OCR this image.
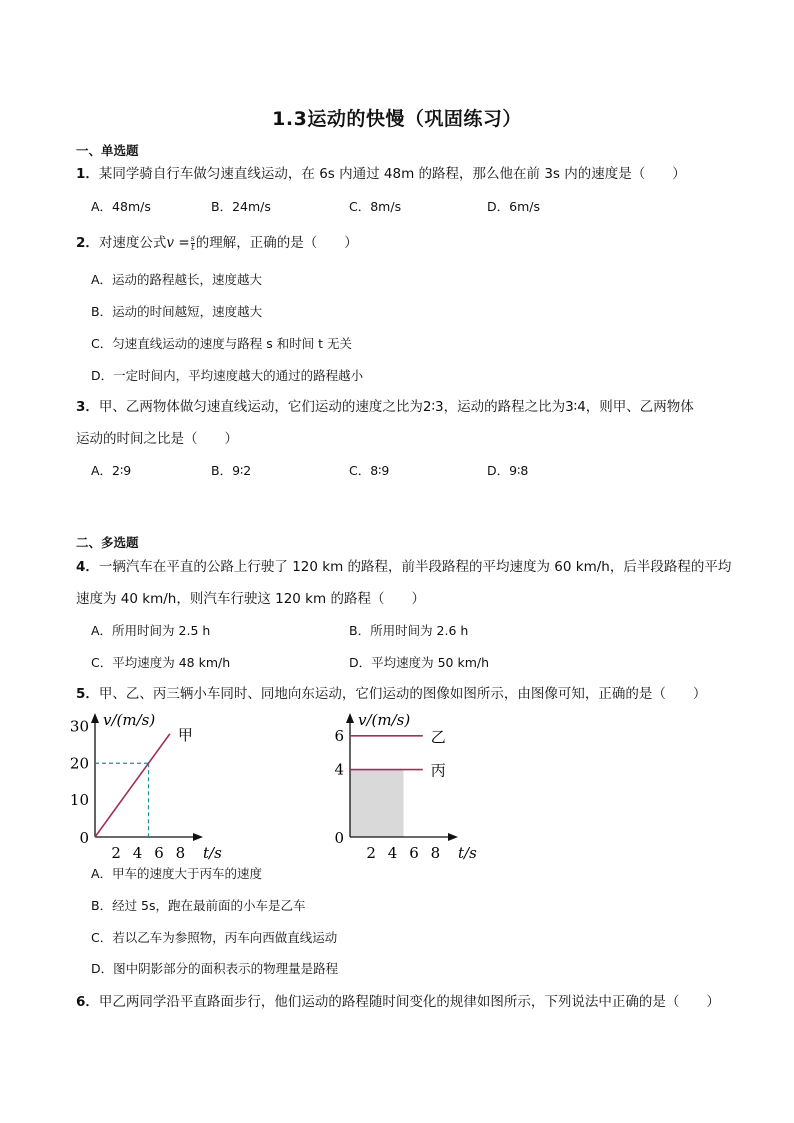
1.3运动的快慢（巩固练习）
一、单选题
1．某同学骑自行车做匀速直线运动，在 6s 内通过 48m 的路程，那么他在前 3s 内的速度是（　　）
A．48m/s	B．24m/s	C．8m/s	D．6m/s
2．对速度公式$v = \frac{s}{t}$ 的理解，正确的是（　　）
A．运动的路程越长，速度越大
B．运动的时间越短，速度越大
C．匀速直线运动的速度与路程 s 和时间 t 无关
D．一定时间内，平均速度越大的通过的路程越小
3．甲、乙两物体做匀速直线运动，它们运动的速度之比为2∶3，运动的路程之比为3∶4，则甲、乙两物体
运动的时间之比是（　　）
A．2∶9	B．9∶2	C．8∶9	D．9∶8
二、多选题
4．一辆汽车在平直的公路上行驶了 120 km 的路程，前半段路程的平均速度为 60 km/h，后半段路程的平均
速度为 40 km/h，则汽车行驶这 120 km 的路程（　　）
A．所用时间为 2.5 h	B．所用时间为 2.6 h
C．平均速度为 48 km/h	D．平均速度为 50 km/h
5．甲、乙、丙三辆小车同时、同地向东运动，它们运动的图像如图所示，由图像可知，正确的是（　　）
v/(m/s)
t/s
2 4 6 8
0
10
20
30	甲
v/(m/s)
t/s
2 4 6 8
0
4
6	乙
丙
A．甲车的速度大于丙车的速度
B．经过 5s，跑在最前面的小车是乙车
C．若以乙车为参照物，丙车向西做直线运动
D．图中阴影部分的面积表示的物理量是路程
6．甲乙两同学沿平直路面步行，他们运动的路程随时间变化的规律如图所示，下列说法中正确的是（　　）
